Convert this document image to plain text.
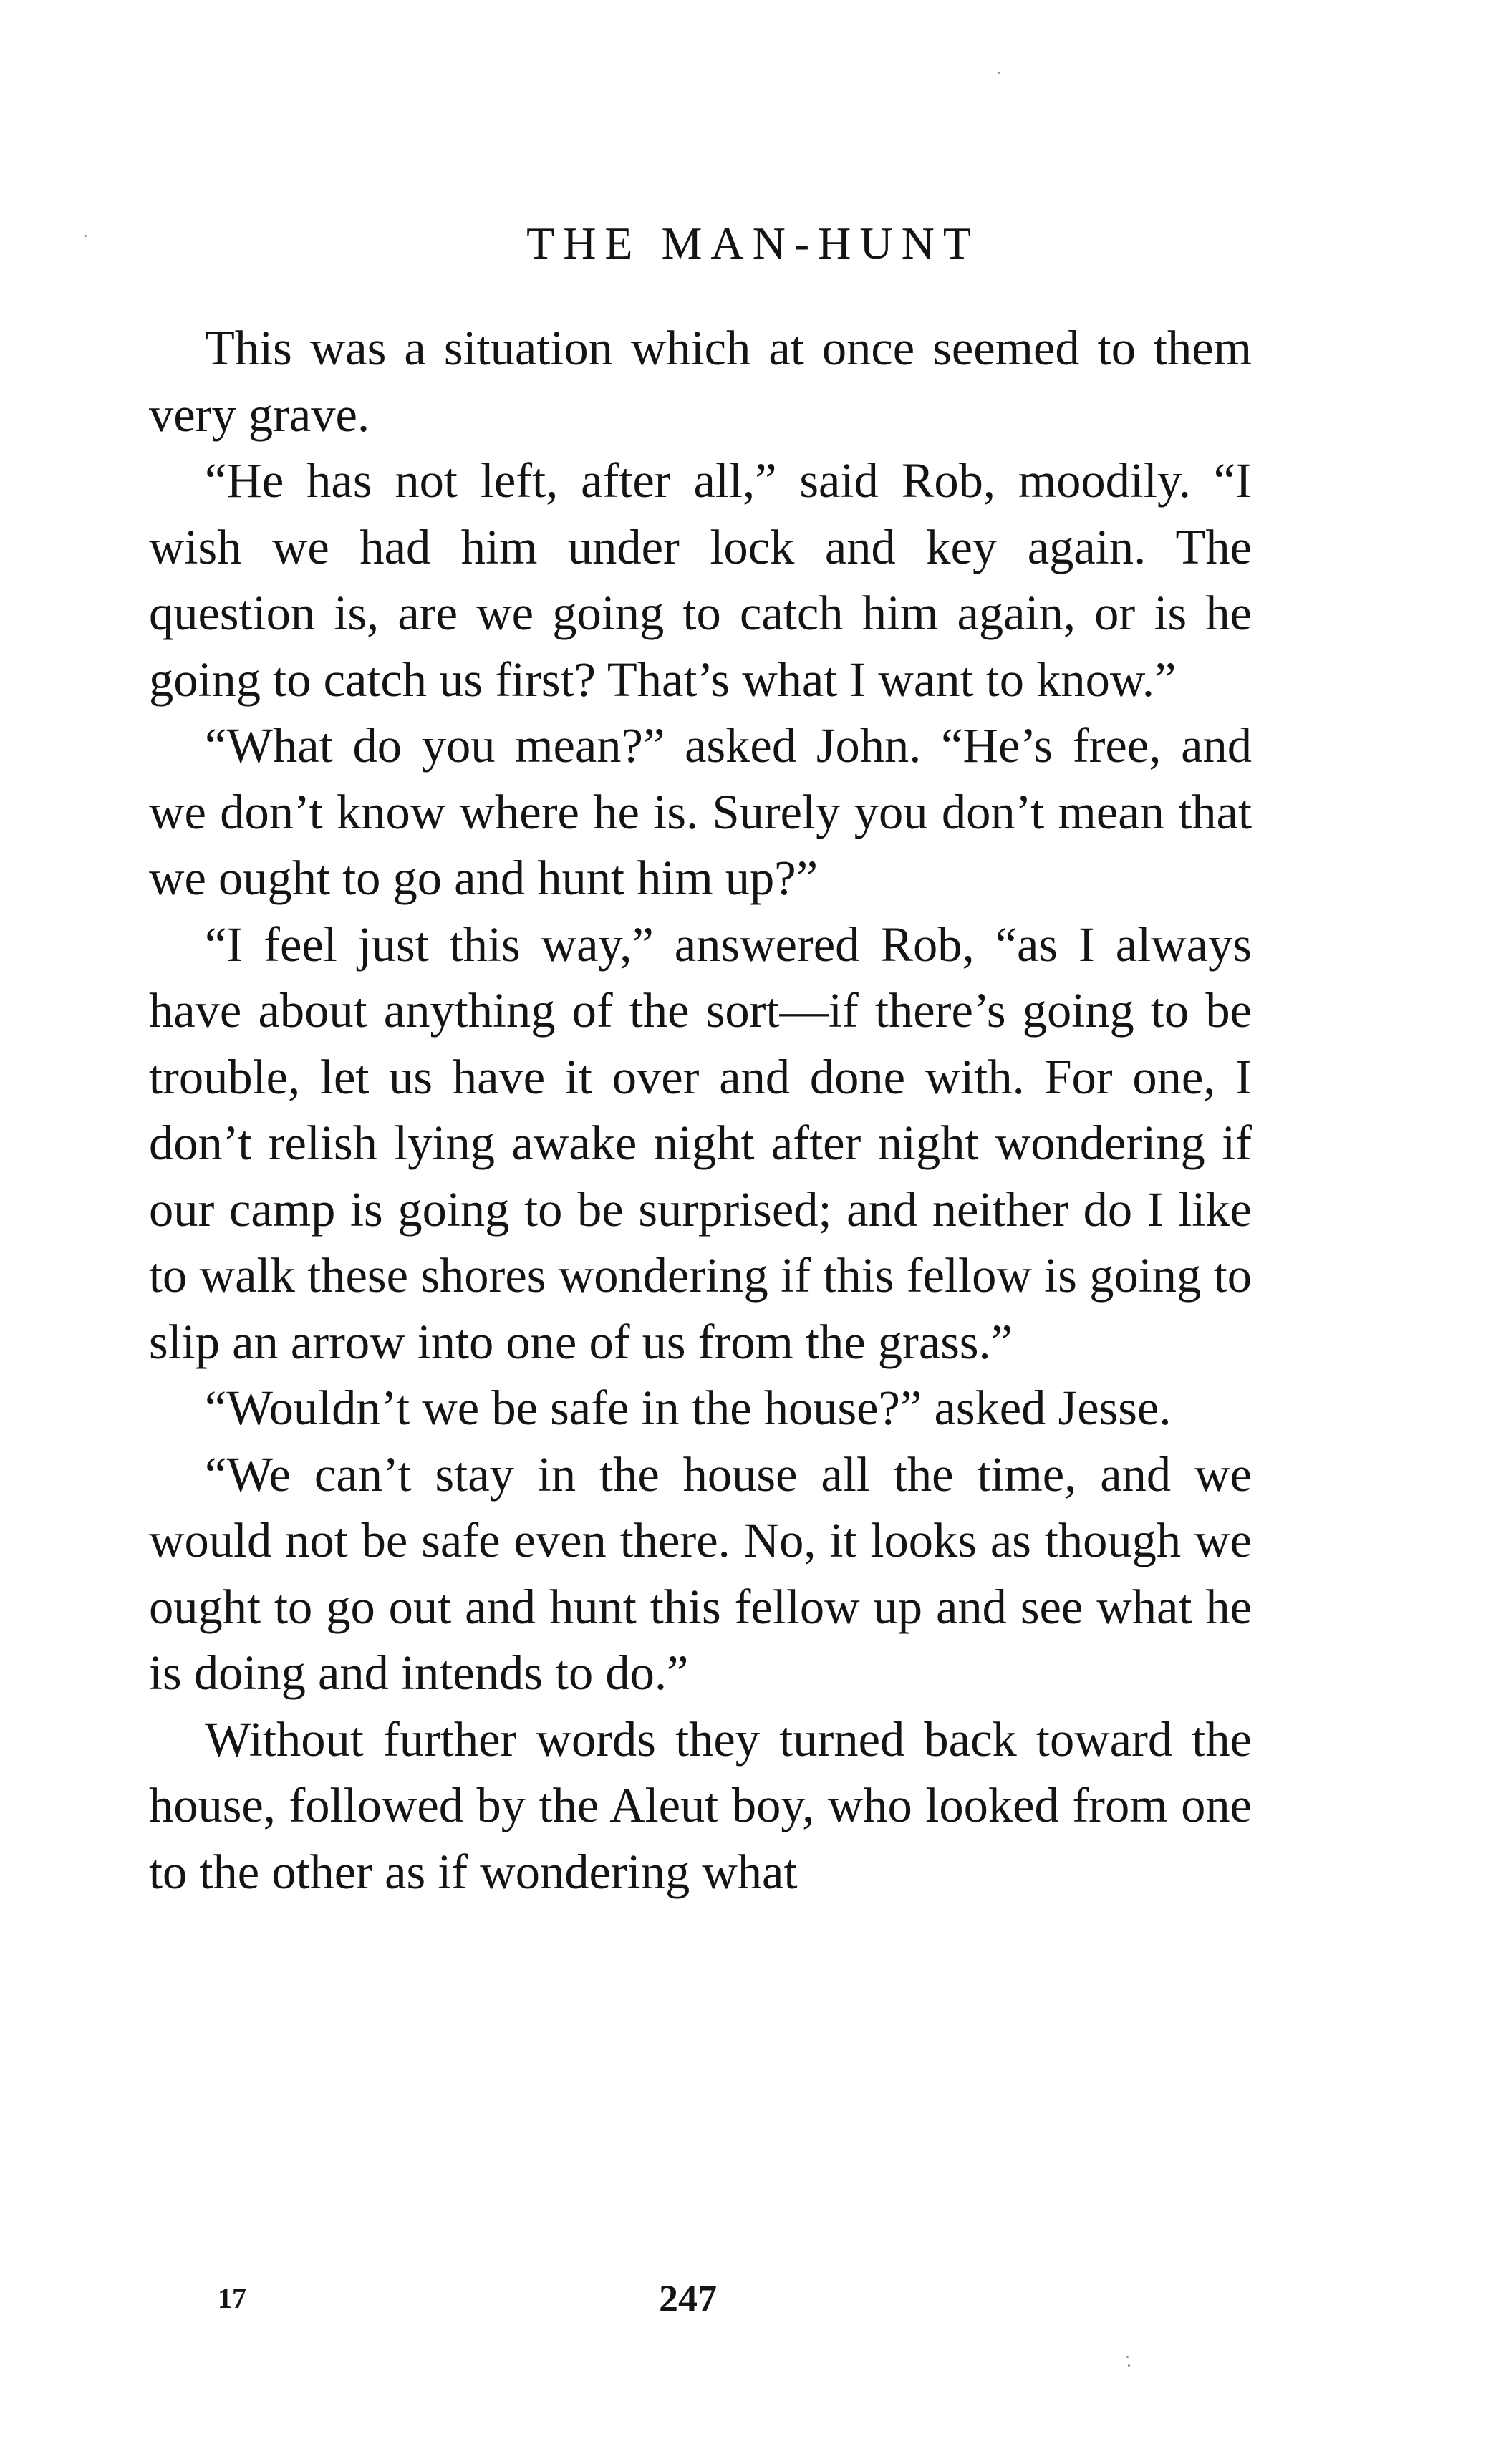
THE MAN-HUNT

This was a situation which at once seemed to them very grave.

“He has not left, after all,” said Rob, moodily. “I wish we had him under lock and key again. The question is, are we going to catch him again, or is he going to catch us first? That’s what I want to know.”

“What do you mean?” asked John. “He’s free, and we don’t know where he is. Surely you don’t mean that we ought to go and hunt him up?”

“I feel just this way,” answered Rob, “as I always have about anything of the sort—if there’s going to be trouble, let us have it over and done with. For one, I don’t relish lying awake night after night wondering if our camp is going to be surprised; and neither do I like to walk these shores wondering if this fellow is going to slip an arrow into one of us from the grass.”

“Wouldn’t we be safe in the house?” asked Jesse.

“We can’t stay in the house all the time, and we would not be safe even there. No, it looks as though we ought to go out and hunt this fellow up and see what he is doing and intends to do.”

Without further words they turned back toward the house, followed by the Aleut boy, who looked from one to the other as if wondering what

17	247
